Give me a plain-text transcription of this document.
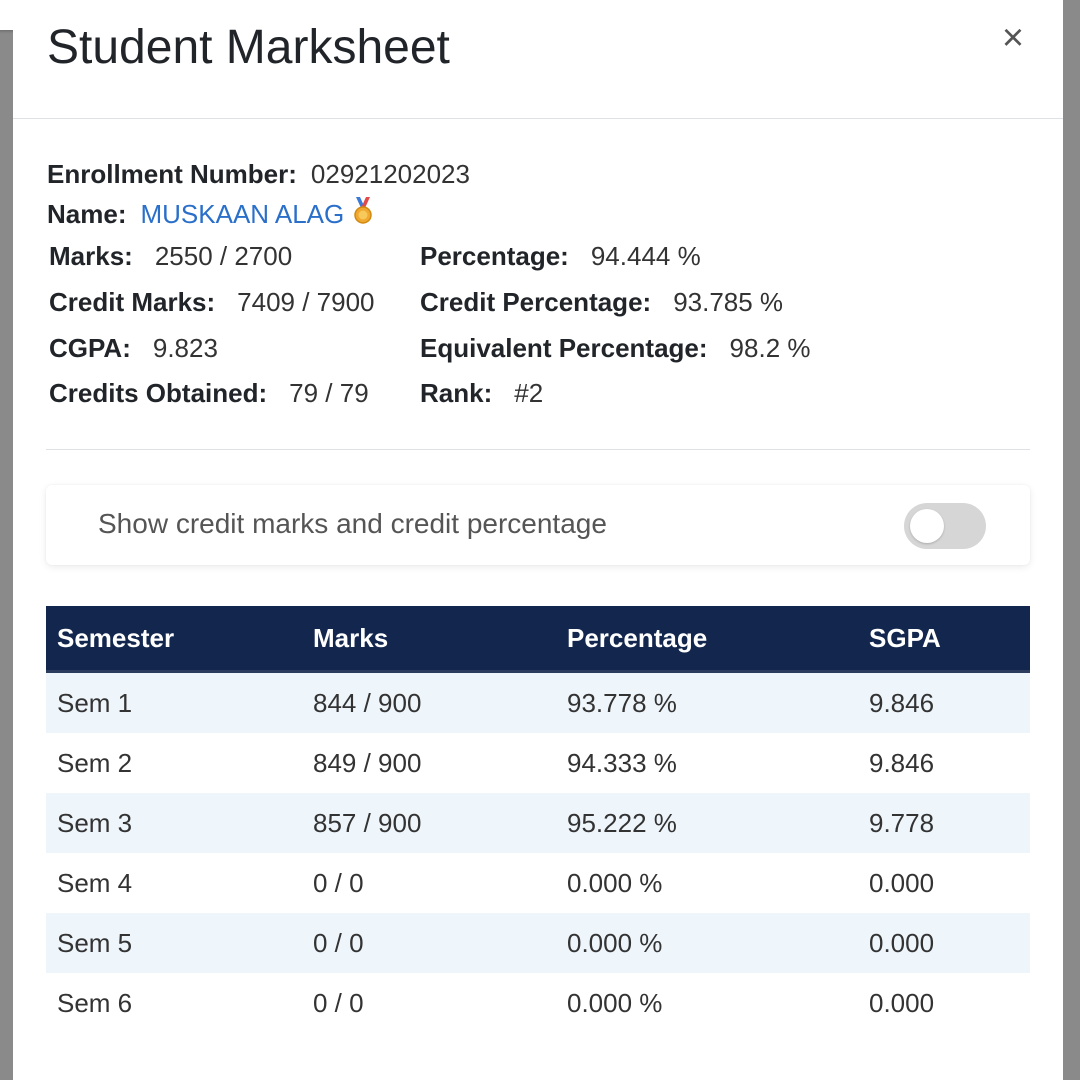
Student Marksheet	×
Enrollment Number: 02921202023
Name: MUSKAAN ALAG
Marks: 2550 / 2700	Percentage: 94.444 %
Credit Marks: 7409 / 7900 Credit Percentage: 93.785 %
CGPA: 9.823	Equivalent Percentage: 98.2 %
Credits Obtained: 79 / 79 Rank: #2
Show credit marks and credit percentage
Semester	Marks	Percentage	SGPA
Sem 1	844 / 900	93.778 %	9.846
Sem 2	849 / 900	94.333 %	9.846
Sem 3	857 / 900	95.222 %	9.778
Sem 4	0 / 0	0.000 %	0.000
Sem 5	0 / 0	0.000 %	0.000
Sem 6	0 / 0	0.000 %	0.000
